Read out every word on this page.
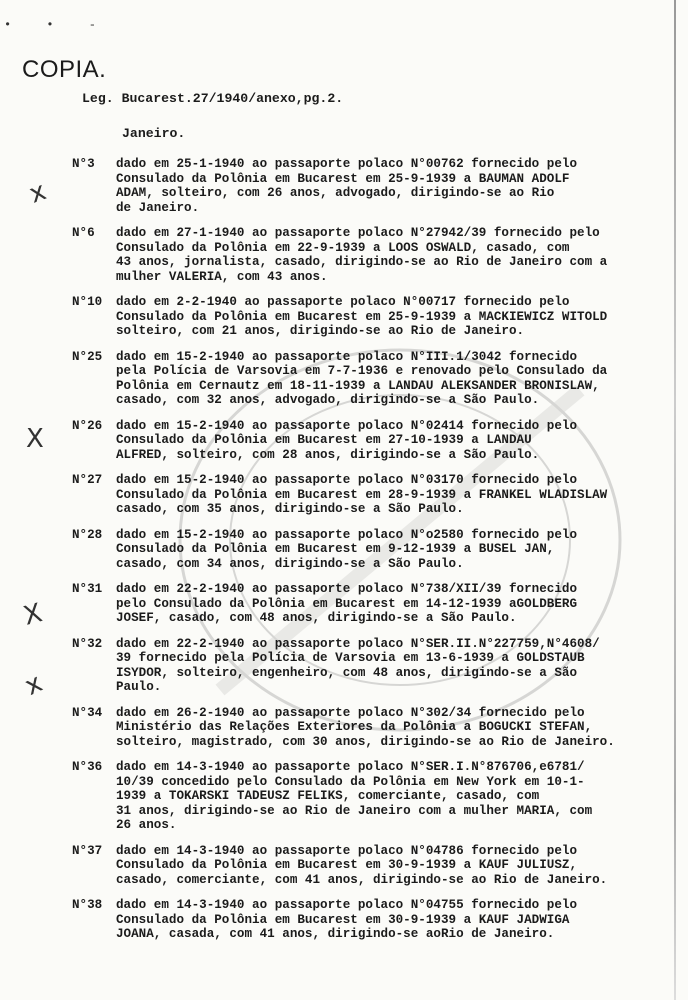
• • -
COPIA.
Leg. Bucarest.27/1940/anexo,pg.2.
Janeiro.
N°3	dado em 25-1-1940 ao passaporte polaco N°00762 fornecido pelo
Consulado da Polônia em Bucarest em 25-9-1939 a BAUMAN ADOLF
ADAM, solteiro, com 26 anos, advogado, dirigindo-se ao Rio
de Janeiro.
N°6	dado em 27-1-1940 ao passaporte polaco N°27942/39 fornecido pelo
Consulado da Polônia em 22-9-1939 a LOOS OSWALD, casado, com
43 anos, jornalista, casado, dirigindo-se ao Rio de Janeiro com a
mulher VALERIA, com 43 anos.
N°10	dado em 2-2-1940 ao passaporte polaco N°00717 fornecido pelo
Consulado da Polônia em Bucarest em 25-9-1939 a MACKIEWICZ WITOLD
solteiro, com 21 anos, dirigindo-se ao Rio de Janeiro.
N°25	dado em 15-2-1940 ao passaporte polaco N°III.1/3042 fornecido
pela Polícia de Varsovia em 7-7-1936 e renovado pelo Consulado da
Polônia em Cernautz em 18-11-1939 a LANDAU ALEKSANDER BRONISLAW,
casado, com 32 anos, advogado, dirigindo-se a São Paulo.
N°26	dado em 15-2-1940 ao passaporte polaco N°02414 fornecido pelo
Consulado da Polônia em Bucarest em 27-10-1939 a LANDAU
ALFRED, solteiro, com 28 anos, dirigindo-se a São Paulo.
N°27	dado em 15-2-1940 ao passaporte polaco N°03170 fornecido pelo
Consulado da Polônia em Bucarest em 28-9-1939 a FRANKEL WLADISLAW
casado, com 35 anos, dirigindo-se a São Paulo.
N°28	dado em 15-2-1940 ao passaporte polaco N°o2580 fornecido pelo
Consulado da Polônia em Bucarest em 9-12-1939 a BUSEL JAN,
casado, com 34 anos, dirigindo-se a São Paulo.
N°31	dado em 22-2-1940 ao passaporte polaco N°738/XII/39 fornecido
pelo Consulado da Polônia em Bucarest em 14-12-1939 aGOLDBERG
JOSEF, casado, com 48 anos, dirigindo-se a São Paulo.
N°32	dado em 22-2-1940 ao passaporte polaco N°SER.II.N°227759,N°4608/
39 fornecido pela Polícia de Varsovia em 13-6-1939 a GOLDSTAUB
ISYDOR, solteiro, engenheiro, com 48 anos, dirigindo-se a São
Paulo.
N°34	dado em 26-2-1940 ao passaporte polaco N°302/34 fornecido pelo
Ministério das Relações Exteriores da Polônia a BOGUCKI STEFAN,
solteiro, magistrado, com 30 anos, dirigindo-se ao Rio de Janeiro.
N°36	dado em 14-3-1940 ao passaporte polaco N°SER.I.N°876706,e6781/
10/39 concedido pelo Consulado da Polônia em New York em 10-1-
1939 a TOKARSKI TADEUSZ FELIKS, comerciante, casado, com
31 anos, dirigindo-se ao Rio de Janeiro com a mulher MARIA, com
26 anos.
N°37	dado em 14-3-1940 ao passaporte polaco N°04786 fornecido pelo
Consulado da Polônia em Bucarest em 30-9-1939 a KAUF JULIUSZ,
casado, comerciante, com 41 anos, dirigindo-se ao Rio de Janeiro.
N°38	dado em 14-3-1940 ao passaporte polaco N°04755 fornecido pelo
Consulado da Polônia em Bucarest em 30-9-1939 a KAUF JADWIGA
JOANA, casada, com 41 anos, dirigindo-se aoRio de Janeiro.
x
X
X
x
